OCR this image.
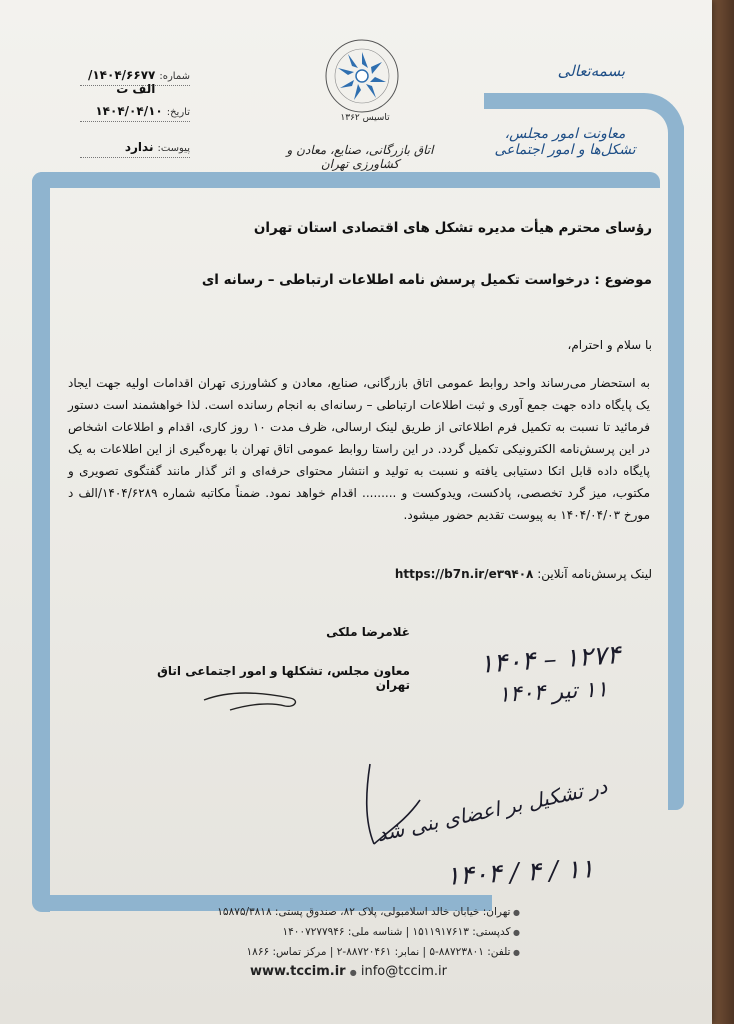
بسمه‌تعالی
معاونت امور مجلس، تشکل‌ها و امور اجتماعی
تاسیس ۱۳۶۲
اتاق بازرگانی، صنایع، معادن و کشاورزی تهران
شماره:
۱۴۰۴/۶۶۷۷/الف ت
تاریخ:
۱۴۰۴/۰۴/۱۰
پیوست:
ندارد
رؤسای محترم هیأت مدیره تشکل های اقتصادی استان تهران
موضوع : درخواست تکمیل پرسش نامه اطلاعات ارتباطی – رسانه ای
با سلام و احترام،
به استحضار می‌رساند واحد روابط عمومی اتاق بازرگانی، صنایع، معادن و کشاورزی تهران اقدامات اولیه جهت ایجاد یک پایگاه داده جهت جمع آوری و ثبت اطلاعات ارتباطی – رسانه‌ای به انجام رسانده است. لذا خواهشمند است دستور فرمائید تا نسبت به تکمیل فرم اطلاعاتی از طریق لینک ارسالی، ظرف مدت ۱۰ روز کاری، اقدام و اطلاعات اشخاص در این پرسش‌نامه الکترونیکی تکمیل گردد. در این راستا روابط عمومی اتاق تهران با بهره‌گیری از این اطلاعات به یک پایگاه داده قابل اتکا دستیابی یافته و نسبت به تولید و انتشار محتوای حرفه‌ای و اثر گذار مانند گفتگوی تصویری و مکتوب، میز گرد تخصصی، پادکست، ویدوکست و ......... اقدام خواهد نمود. ضمناً مکاتبه شماره ۱۴۰۴/۶۲۸۹/الف د مورخ ۱۴۰۴/۰۴/۰۳ به پیوست تقدیم حضور میشود.
لینک پرسش‌نامه آنلاین: https://b7n.ir/e۳۹۴۰۸
غلامرضا ملکی
معاون مجلس، تشکلها و امور اجتماعی اتاق تهران
۱۴۰۴ – ۱۲۷۴
۱۱ تیر ۱۴۰۴
در تشکیل بر اعضای بنی شد
۱۴۰۴ / ۴ / ۱۱
● تهران: خیابان خالد اسلامبولی، پلاک ۸۲، صندوق پستی: ۱۵۸۷۵/۳۸۱۸
● کدپستی: ۱۵۱۱۹۱۷۶۱۳ | شناسه ملی: ۱۴۰۰۷۲۷۷۹۴۶
● تلفن: ۸۸۷۲۳۸۰۱-۵ | نمابر: ۸۸۷۲۰۴۶۱-۲ | مرکز تماس: ۱۸۶۶
www.tccim.ir ● info@tccim.ir
